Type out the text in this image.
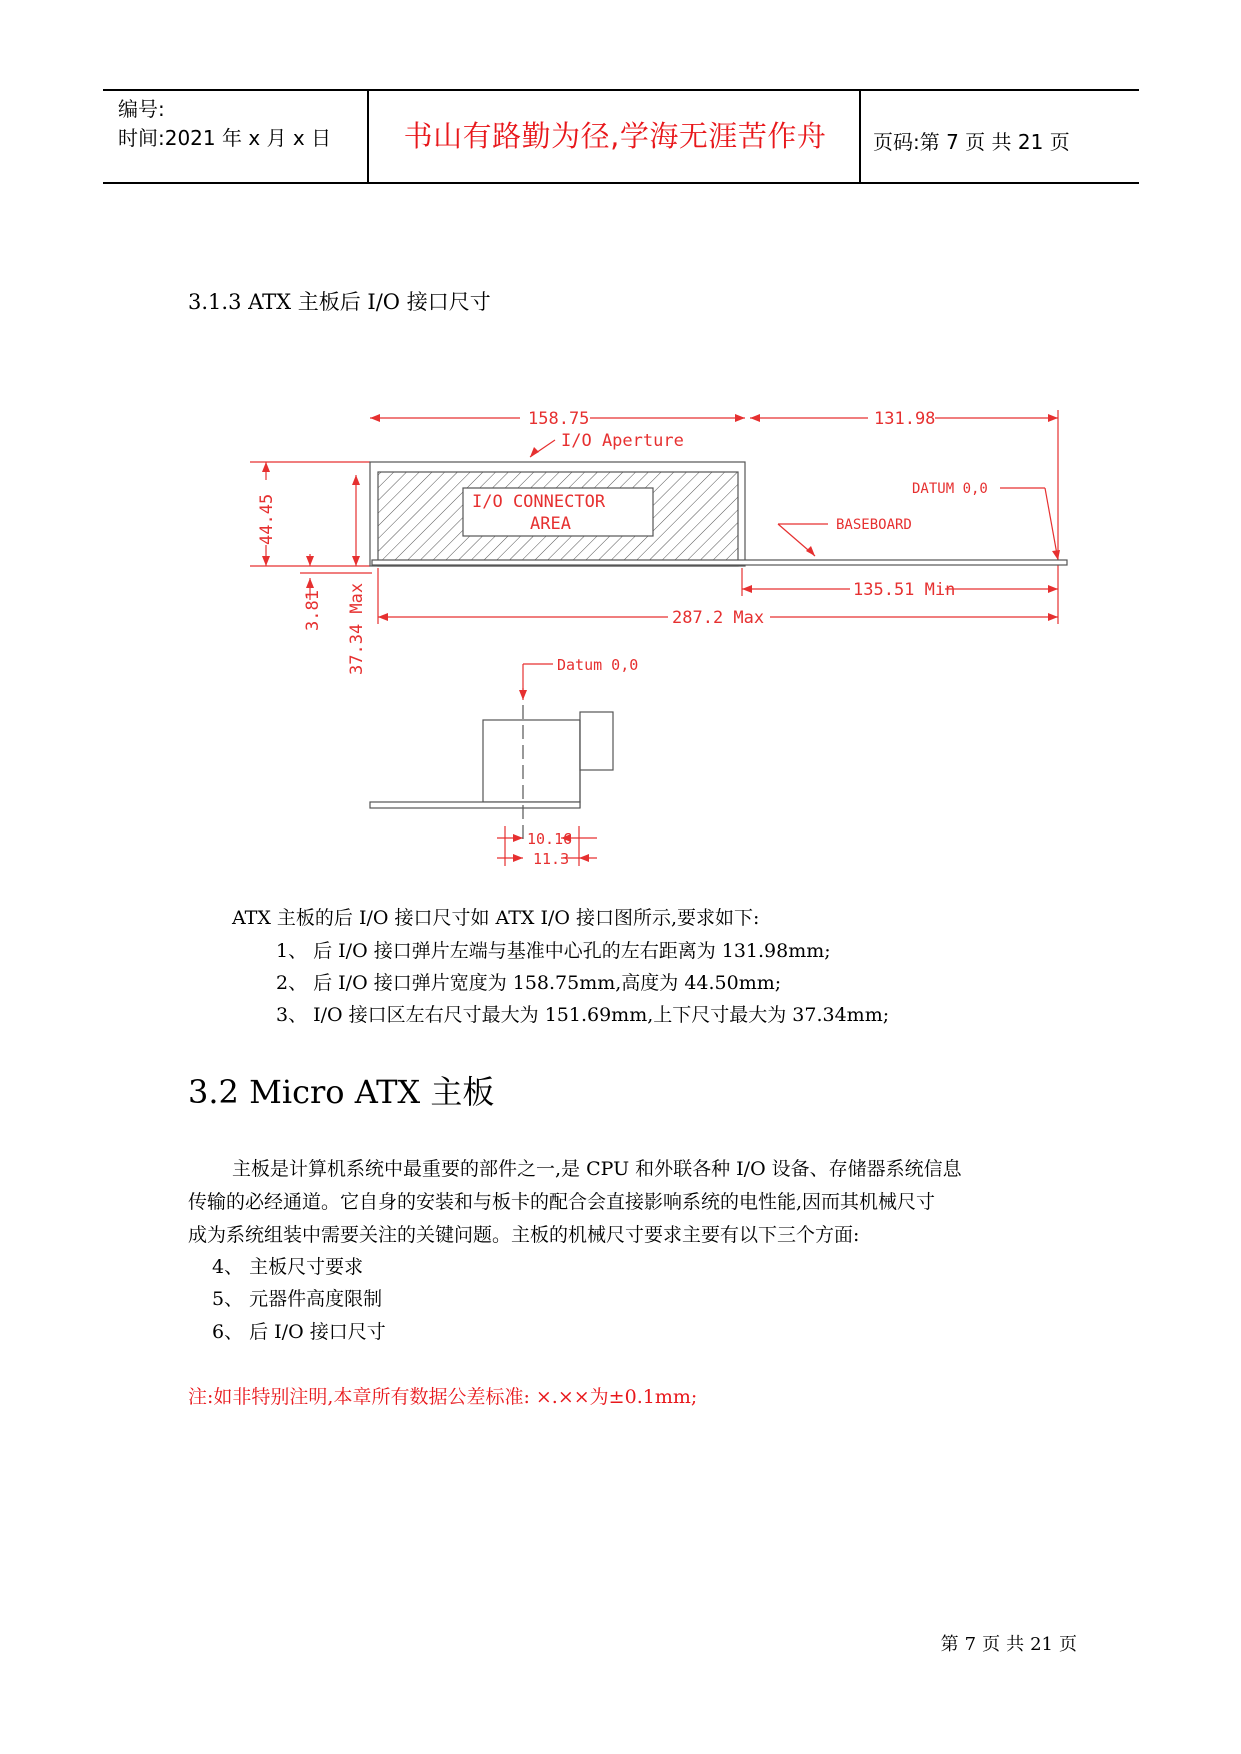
编号:
时间:2021 年 x 月 x 日	书山有路勤为径,学海无涯苦作舟	页码:第 7 页 共 21 页
3.1.3 ATX 主板后 I/O 接口尺寸
158.75	131.98
I/O Aperture
I/O CONNECTOR
AREA
DATUM 0,0
BASEBOARD
135.51 Min
287.2 Max
Datum 0,0
10.16
11.3
44.45
3.81 37.34 Max
ATX 主板的后 I/O 接口尺寸如 ATX I/O 接口图所示,要求如下:
1、 后 I/O 接口弹片左端与基准中心孔的左右距离为 131.98mm;
2、 后 I/O 接口弹片宽度为 158.75mm,高度为 44.50mm;
3、 I/O 接口区左右尺寸最大为 151.69mm,上下尺寸最大为 37.34mm;
3.2 Micro ATX 主板
主板是计算机系统中最重要的部件之一,是 CPU 和外联各种 I/O 设备、存储器系统信息
传输的必经通道。它自身的安装和与板卡的配合会直接影响系统的电性能,因而其机械尺寸
成为系统组装中需要关注的关键问题。主板的机械尺寸要求主要有以下三个方面:
4、 主板尺寸要求
5、 元器件高度限制
6、 后 I/O 接口尺寸
注:如非特别注明,本章所有数据公差标准: ×.××为±0.1mm;
第 7 页 共 21 页
